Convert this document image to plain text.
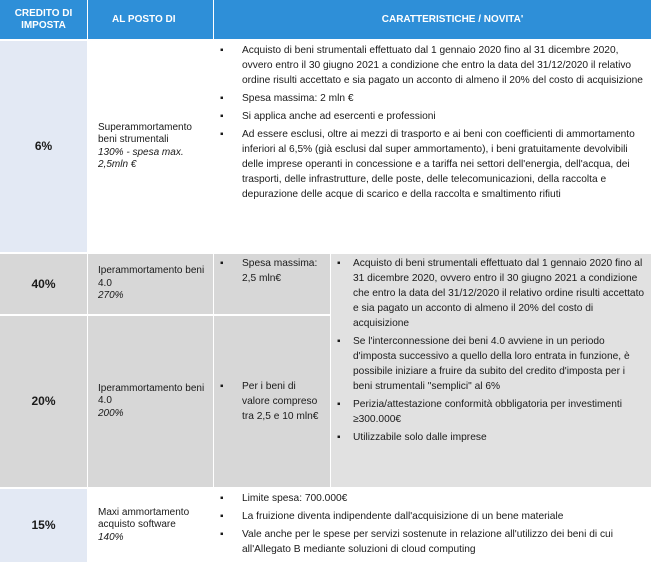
CREDITO DI IMPOSTA	AL POSTO DI	CARATTERISTICHE / NOVITA'
6%
Superammortamento beni strumentali
130% - spesa max. 2,5mln €
▪ Acquisto di beni strumentali effettuato dal 1 gennaio 2020 fino al 31 dicembre 2020, ovvero entro il 30 giugno 2021 a condizione che entro la data del 31/12/2020 il relativo ordine risulti accettato e sia pagato un acconto di almeno il 20% del costo di acquisizione
▪ Spesa massima: 2 mln €
▪ Si applica anche ad esercenti e professioni
▪ Ad essere esclusi, oltre ai mezzi di trasporto e ai beni con coefficienti di ammortamento inferiori al 6,5% (già esclusi dal super ammortamento), i beni gratuitamente devolvibili delle imprese operanti in concessione e a tariffa nei settori dell'energia, dell'acqua, dei trasporti, delle infrastrutture, delle poste, delle telecomunicazioni, della raccolta e depurazione delle acque di scarico e della raccolta e smaltimento rifiuti
40%
Iperammortamento beni 4.0
270%
▪ Spesa massima: 2,5 mln€
▪ Acquisto di beni strumentali effettuato dal 1 gennaio 2020 fino al 31 dicembre 2020, ovvero entro il 30 giugno 2021 a condizione che entro la data del 31/12/2020 il relativo ordine risulti accettato e sia pagato un acconto di almeno il 20% del costo di acquisizione
▪ Se l'interconnessione dei beni 4.0 avviene in un periodo d'imposta successivo a quello della loro entrata in funzione, è possibile iniziare a fruire da subito del credito d'imposta per i beni strumentali "semplici" al 6%
▪ Perizia/attestazione conformità obbligatoria per investimenti ≥300.000€
▪ Utilizzabile solo dalle imprese
20%
Iperammortamento beni 4.0
200%
▪ Per i beni di valore compreso tra 2,5 e 10 mln€
15%
Maxi ammortamento acquisto software
140%
▪ Limite spesa: 700.000€
▪ La fruizione diventa indipendente dall'acquisizione di un bene materiale
▪ Vale anche per le spese per servizi sostenute in relazione all'utilizzo dei beni di cui all'Allegato B mediante soluzioni di cloud computing
